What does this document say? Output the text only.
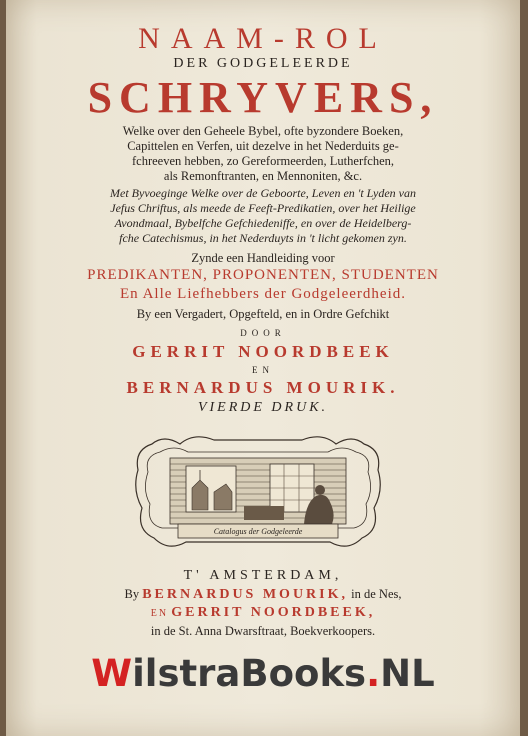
NAAM-ROL
DER GODGELEERDE
SCHRYVERS,
Welke over den Geheele Bybel, ofte byzondere Boeken,
Capittelen en Verfen, uit dezelve in het Nederduits ge-
fchreeven hebben, zo Gereformeerden, Lutherfchen,
als Remonftranten, en Mennoniten, &c.
Met Byvoeginge Welke over de Geboorte, Leven en 't Lyden van
Jefus Chriftus, als meede de Feeft-Predikatien, over het Heilige
Avondmaal, Bybelfche Gefchiedeniffe, en over de Heidelberg-
fche Catechismus, in het Nederduyts in 't licht gekomen zyn.
Zynde een Handleiding voor
PREDIKANTEN, PROPONENTEN, STUDENTEN
En Alle Liefhebbers der Godgeleerdheid.
By een Vergadert, Opgefteld, en in Ordre Gefchikt
DOOR
GERRIT NOORDBEEK
EN
BERNARDUS MOURIK.
VIERDE DRUK.
Catalogus der Godgeleerde
T' AMSTERDAM,
By BERNARDUS MOURIK, in de Nes,
EN GERRIT NOORDBEEK,
in de St. Anna Dwarsftraat, Boekverkoopers.
WilstraBooks.NL
